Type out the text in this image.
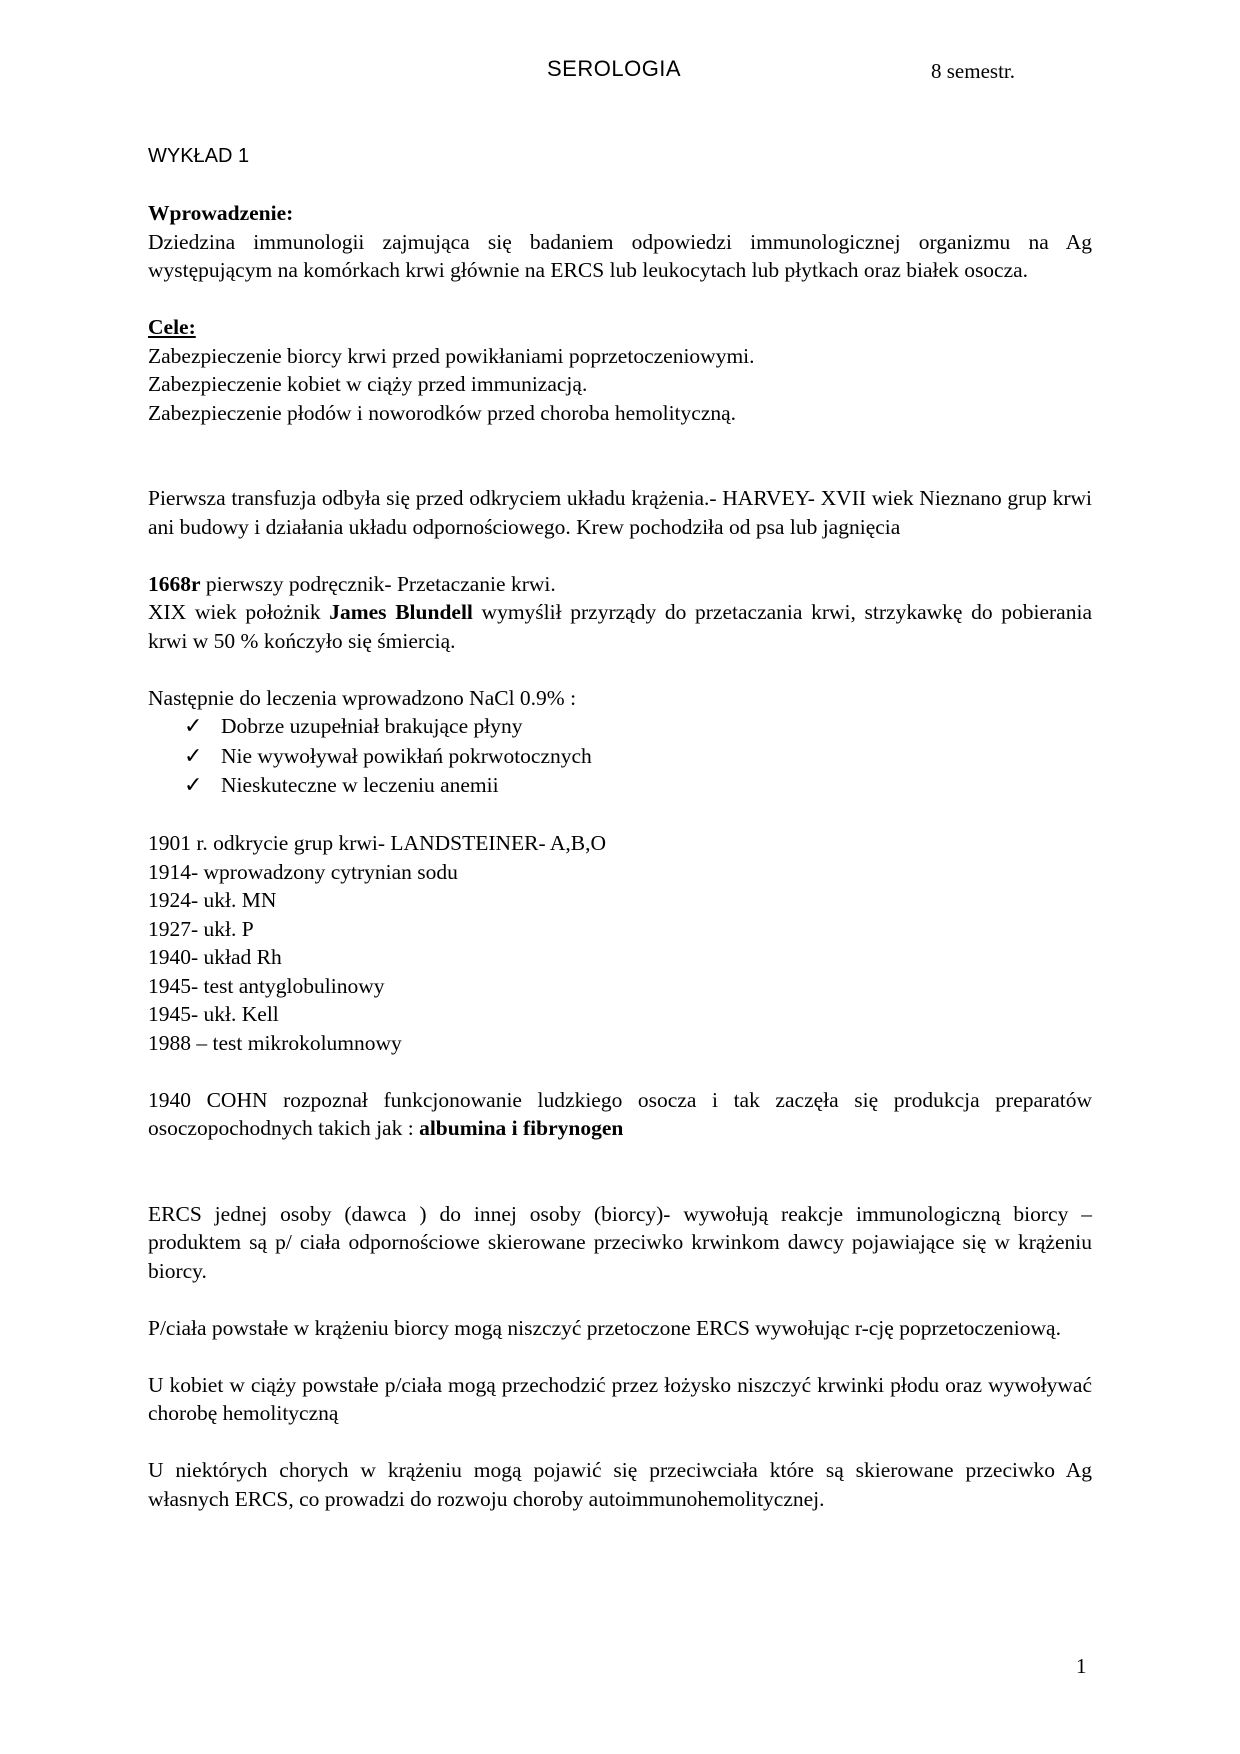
SEROLOGIA	8 semestr.

WYKŁAD 1

Wprowadzenie:

Dziedzina immunologii zajmująca się badaniem odpowiedzi immunologicznej organizmu na Ag występującym na komórkach krwi głównie na ERCS lub leukocytach lub płytkach oraz białek osocza.

Cele:

Zabezpieczenie biorcy krwi przed powikłaniami poprzetoczeniowymi.

Zabezpieczenie kobiet w ciąży przed immunizacją.

Zabezpieczenie płodów i noworodków przed choroba hemolityczną.

Pierwsza transfuzja odbyła się przed odkryciem układu krążenia.- HARVEY- XVII wiek Nieznano grup krwi ani budowy i działania układu odpornościowego. Krew pochodziła od psa lub jagnięcia

1668r pierwszy podręcznik- Przetaczanie krwi.

XIX wiek położnik James Blundell wymyślił przyrządy do przetaczania krwi, strzykawkę do pobierania krwi w 50 % kończyło się śmiercią.

Następnie do leczenia wprowadzono NaCl 0.9% :

✓ Dobrze uzupełniał brakujące płyny
✓ Nie wywoływał powikłań pokrwotocznych
✓ Nieskuteczne w leczeniu anemii

1901 r. odkrycie grup krwi- LANDSTEINER- A,B,O

1914- wprowadzony cytrynian sodu

1924- ukł. MN

1927- ukł. P

1940- układ Rh

1945- test antyglobulinowy

1945- ukł. Kell

1988 – test mikrokolumnowy

1940 COHN rozpoznał funkcjonowanie ludzkiego osocza i tak zaczęła się produkcja preparatów osoczopochodnych takich jak : albumina i fibrynogen

ERCS jednej osoby (dawca ) do innej osoby (biorcy)- wywołują reakcje immunologiczną biorcy – produktem są p/ ciała odpornościowe skierowane przeciwko krwinkom dawcy pojawiające się w krążeniu biorcy.

P/ciała powstałe w krążeniu biorcy mogą niszczyć przetoczone ERCS wywołując r-cję poprzetoczeniową.

U kobiet w ciąży powstałe p/ciała mogą przechodzić przez łożysko niszczyć krwinki płodu oraz wywoływać chorobę hemolityczną

U niektórych chorych w krążeniu mogą pojawić się przeciwciała które są skierowane przeciwko Ag własnych ERCS, co prowadzi do rozwoju choroby autoimmunohemolitycznej.

1
